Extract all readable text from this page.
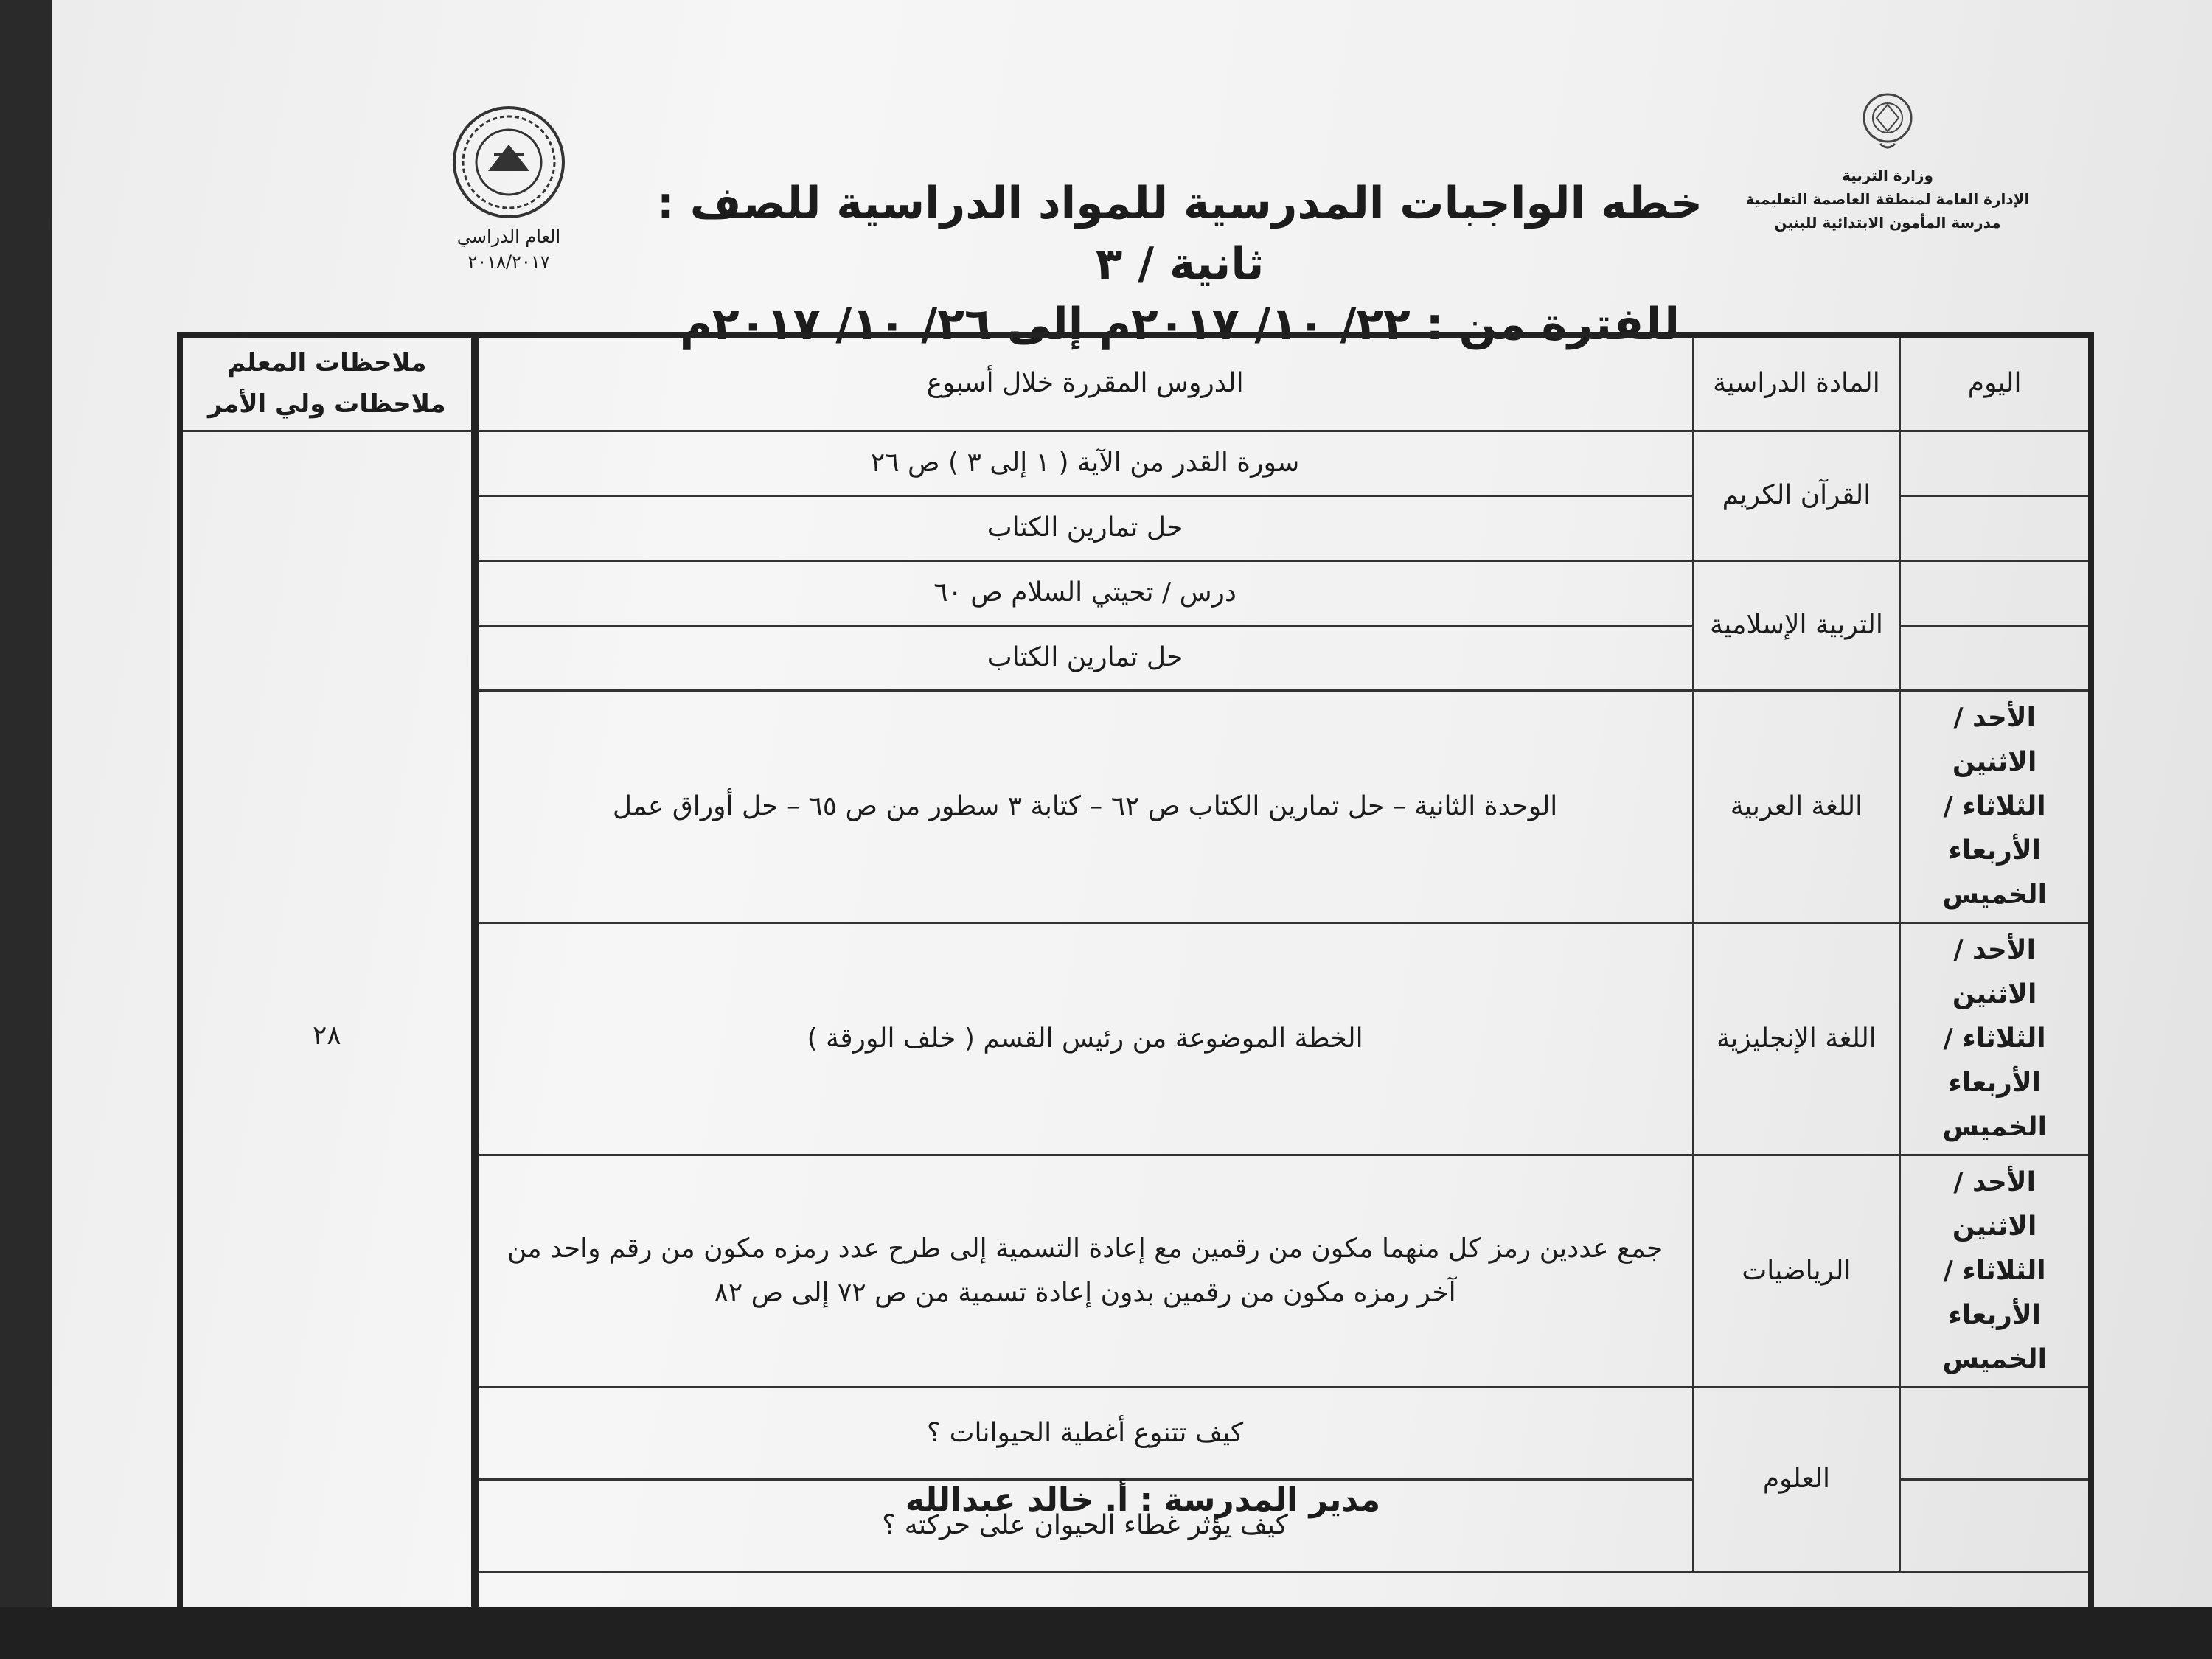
وزارة التربية
الإدارة العامة لمنطقة العاصمة التعليمية
مدرسة المأمون الابتدائية للبنين
العام الدراسي
٢٠١٨/٢٠١٧
خطه الواجبات المدرسية للمواد الدراسية للصف : ثانية / ٣
للفترة من : ٢٢/ ١٠/ ٢٠١٧م إلى ٢٦/ ١٠/ ٢٠١٧م
اليوم	المادة الدراسية	الدروس المقررة خلال أسبوع	ملاحظات المعلم ملاحظات ولي الأمر
	القرآن الكريم	سورة القدر من الآية ( ١ إلى ٣ ) ص ٢٦	٢٨
		حل تمارين الكتاب	
	التربية الإسلامية	درس / تحيتي السلام ص ٦٠	
		حل تمارين الكتاب	
الأحد /الاثنين الثلاثاء /الأربعاء الخميس	اللغة العربية	الوحدة الثانية – حل تمارين الكتاب ص ٦٢ – كتابة ٣ سطور من ص ٦٥ – حل أوراق عمل	
الأحد /الاثنين الثلاثاء /الأربعاء الخميس	اللغة الإنجليزية	الخطة الموضوعة من رئيس القسم ( خلف الورقة )	
الأحد /الاثنين الثلاثاء /الأربعاء الخميس	الرياضيات	جمع عددين رمز كل منهما مكون من رقمين مع إعادة التسمية إلى طرح عدد رمزه مكون من رقم واحد من آخر رمزه مكون من رقمين بدون إعادة تسمية من ص ٧٢ إلى ص ٨٢	
	العلوم	كيف تتنوع أغطية الحيوانات ؟	
		كيف يؤثر غطاء الحيوان على حركته ؟	

مدير المدرسة : أ. خالد عبدالله
